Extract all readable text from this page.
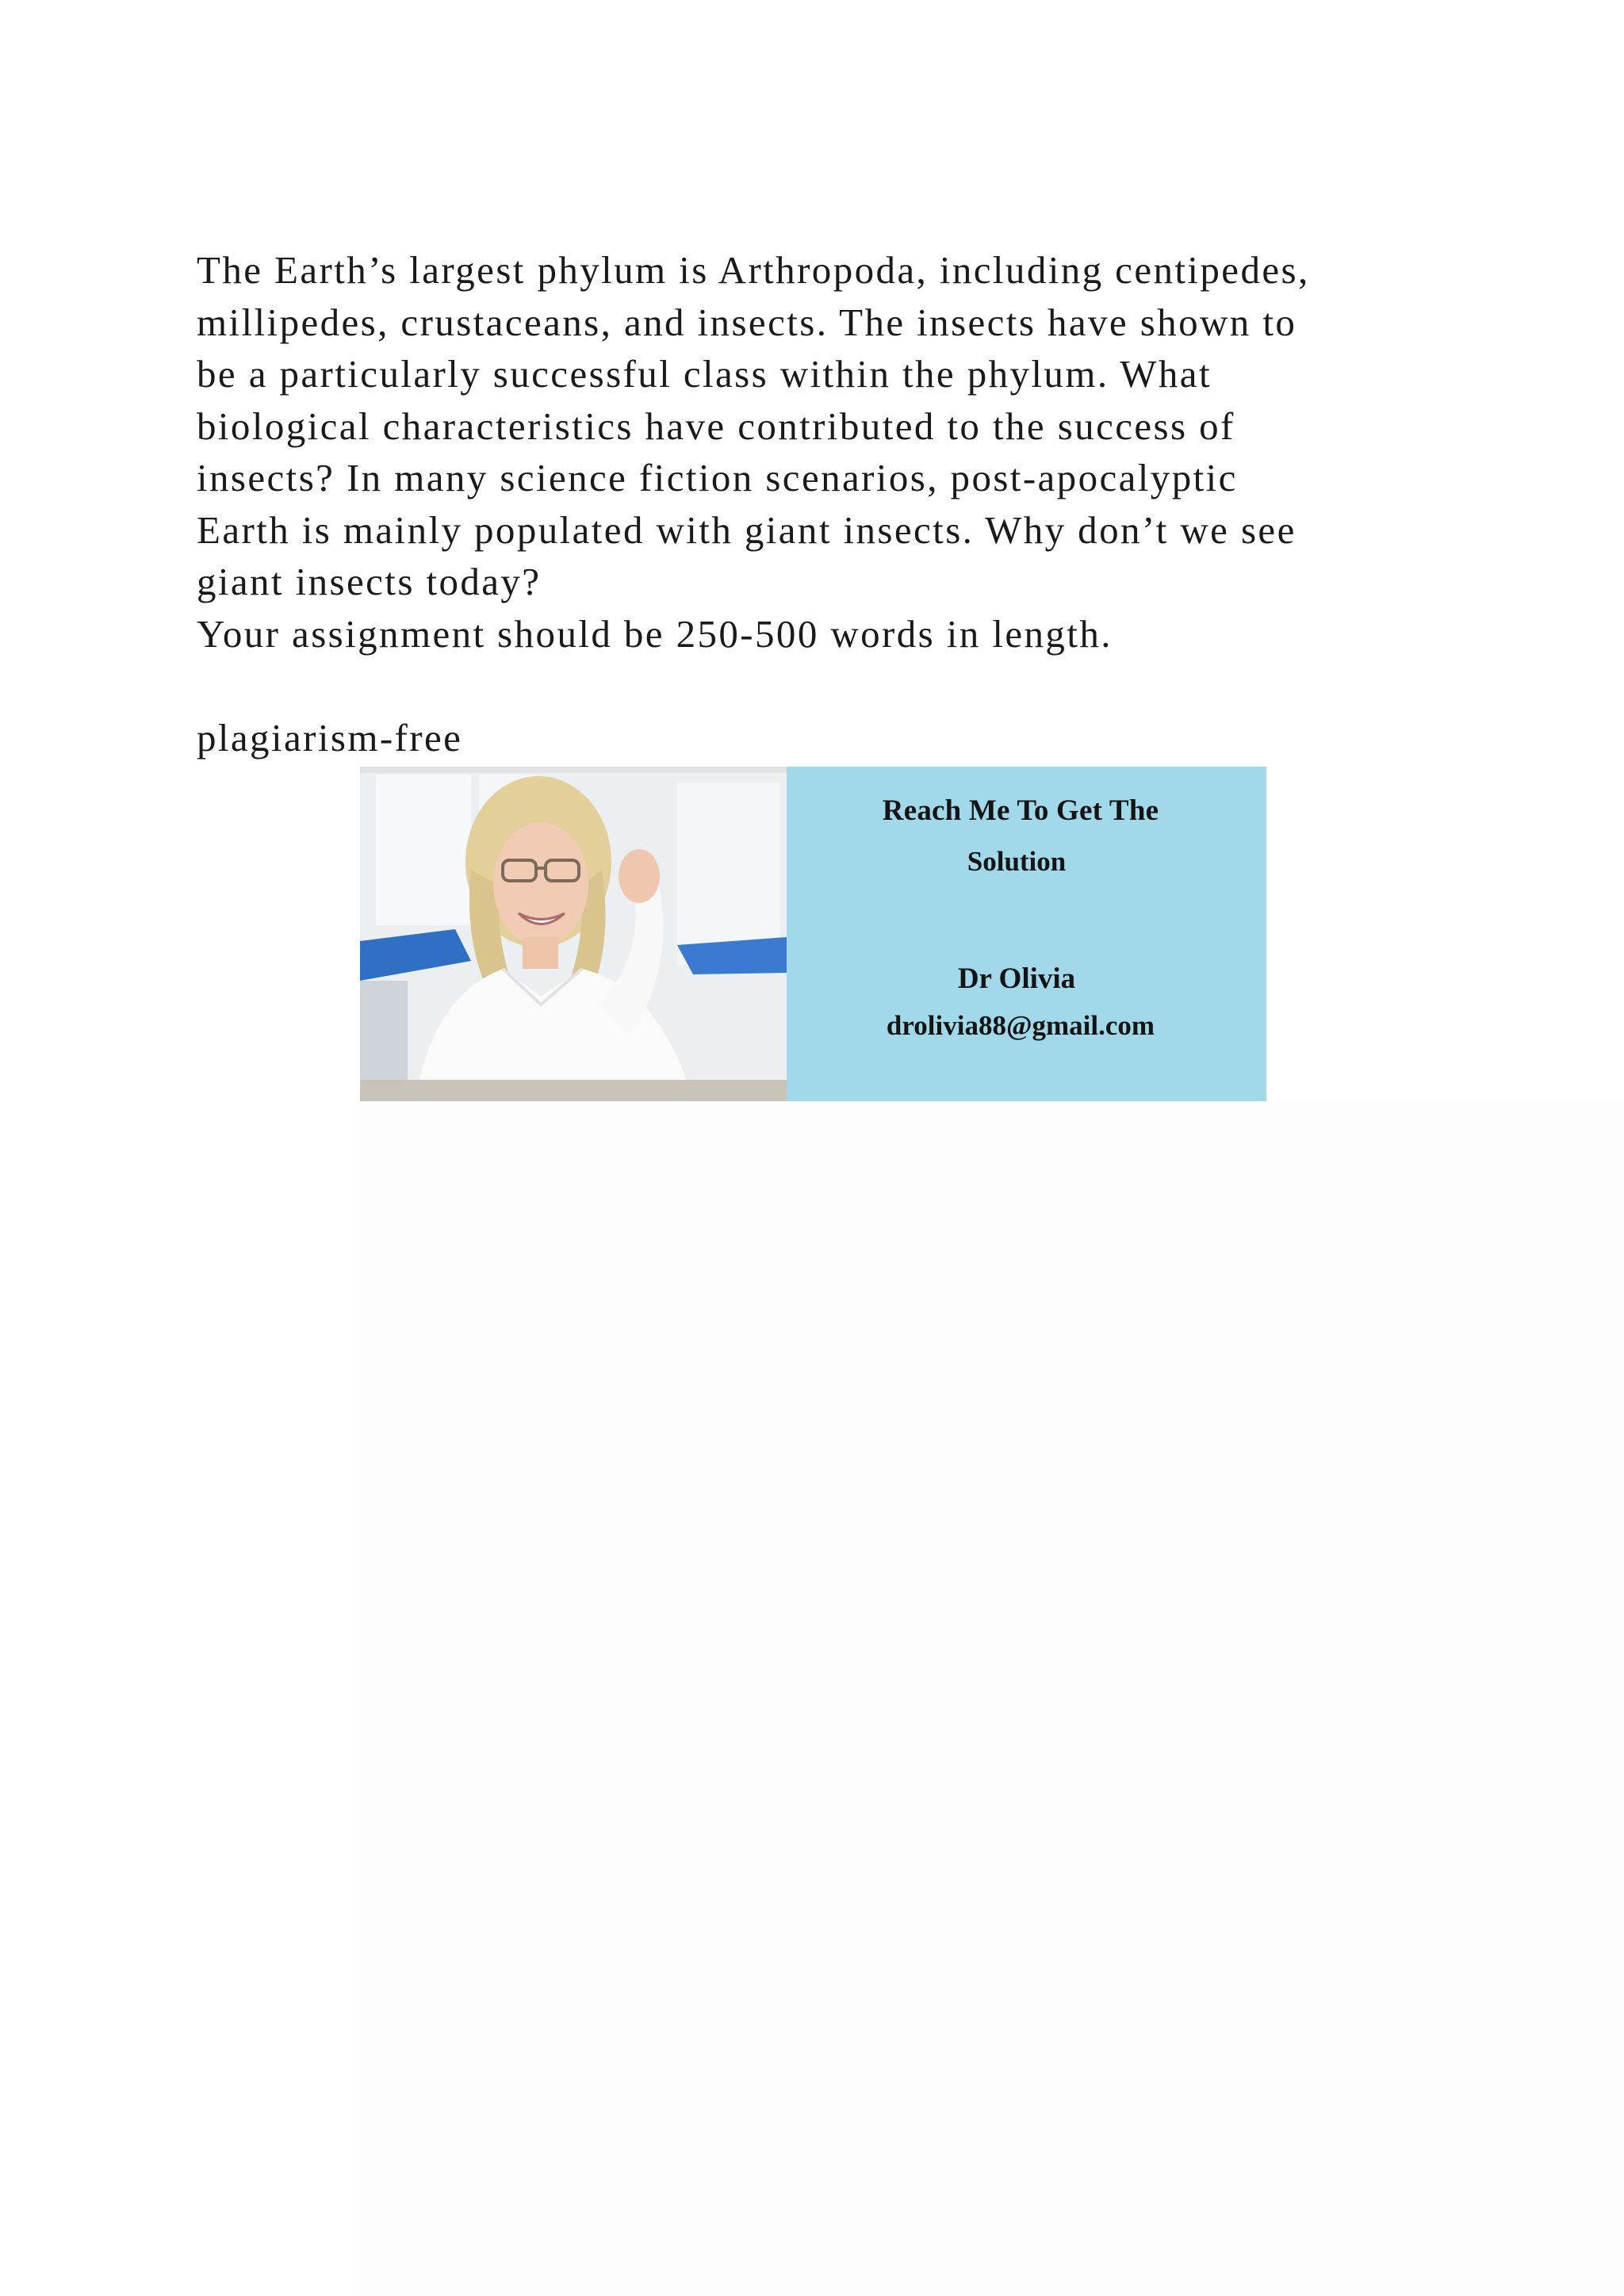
The Earth’s largest phylum is Arthropoda, including centipedes,
millipedes, crustaceans, and insects. The insects have shown to
be a particularly successful class within the phylum. What
biological characteristics have contributed to the success of
insects? In many science fiction scenarios, post-apocalyptic
Earth is mainly populated with giant insects. Why don’t we see
giant insects today?
Your assignment should be 250-500 words in length.
plagiarism-free
Reach Me To Get The
Solution
Dr Olivia
drolivia88@gmail.com
